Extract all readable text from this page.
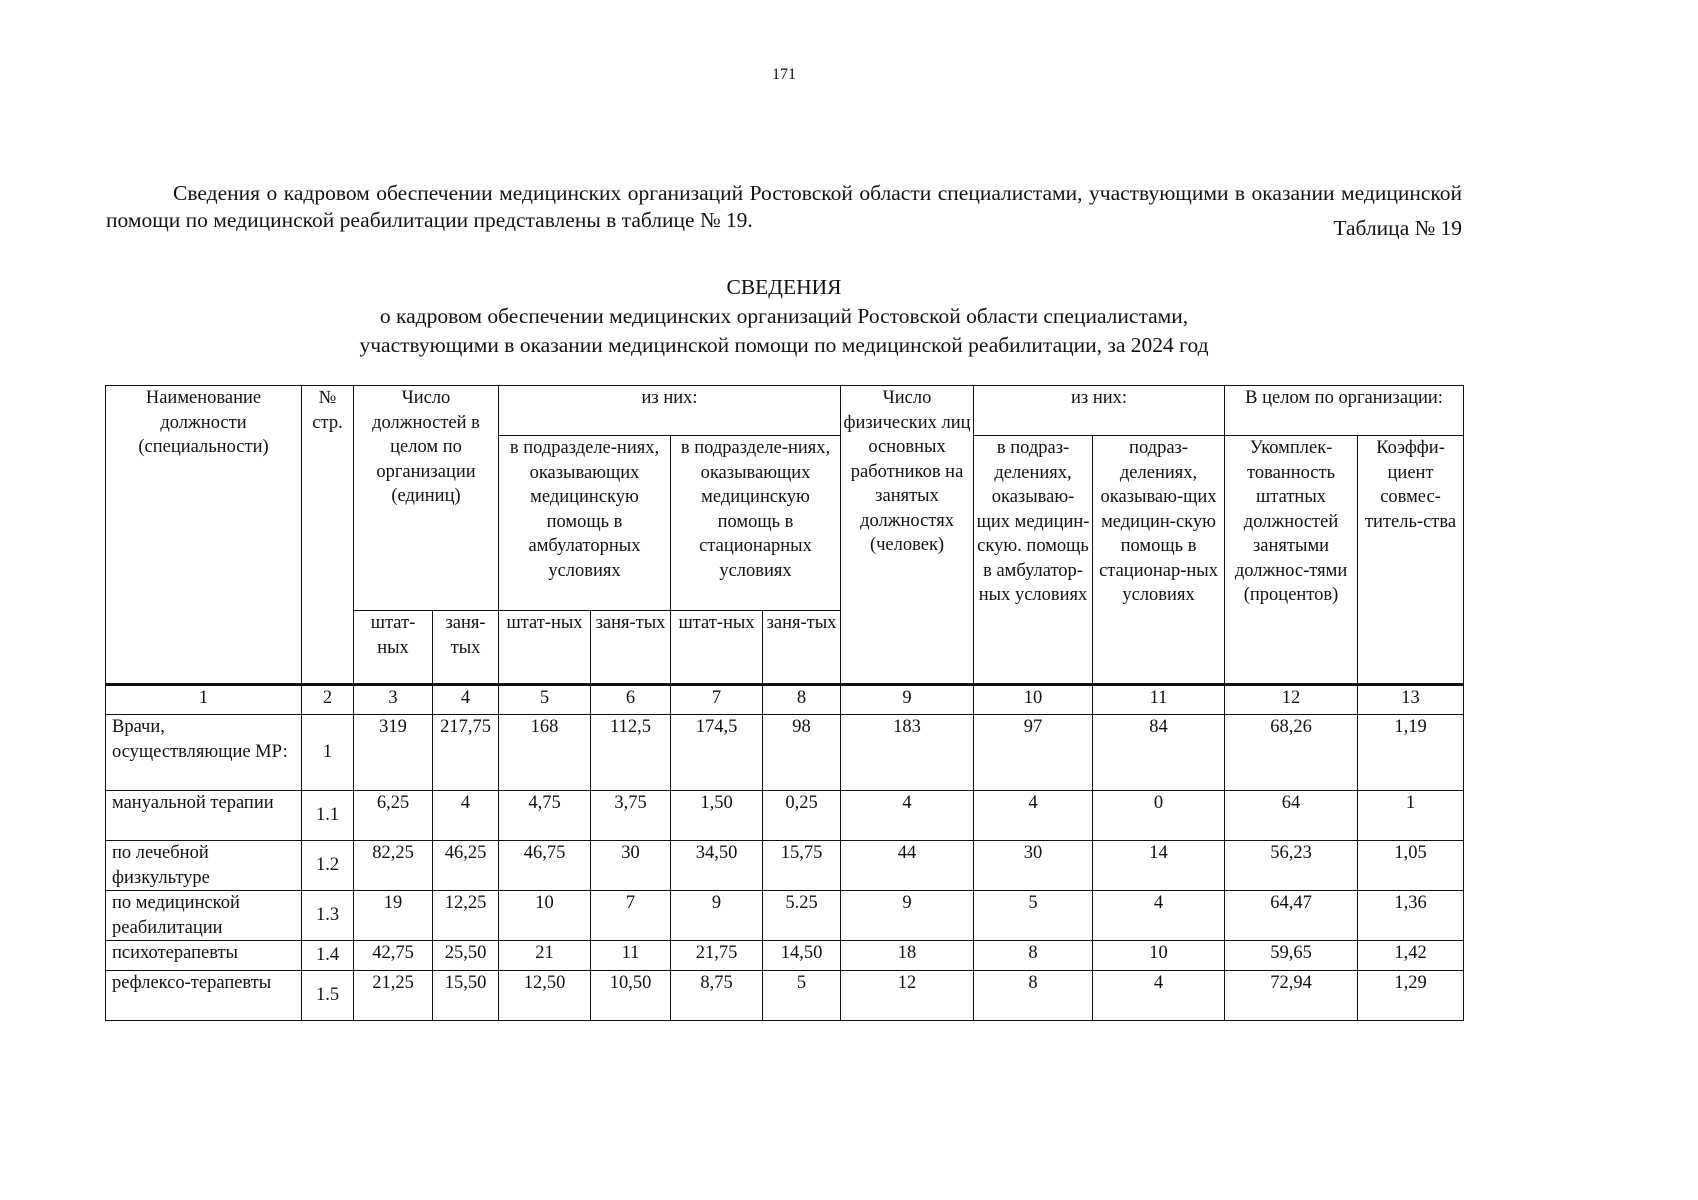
171

Сведения о кадровом обеспечении медицинских организаций Ростовской области специалистами, участвующими в оказании медицинской помощи по медицинской реабилитации представлены в таблице № 19.	Таблица № 19
СВЕДЕНИЯ
о кадровом обеспечении медицинских организаций Ростовской области специалистами,
участвующими в оказании медицинской помощи по медицинской реабилитации, за 2024 год
Наименование должности (специальности)	№ стр.	Число должностей в целом по организации (единиц)		из них:				Число физических лиц основных работников на занятых должностях (человек)	из них:		В целом по организации:	
				в подразделе-ниях, оказывающих медицинскую помощь в амбулаторных условиях		в подразделе-ниях, оказывающих медицинскую помощь в стационарных условиях			в подраз-делениях, оказываю-щих медицин-скую. помощь в амбулатор-ных условиях	подраз-делениях, оказываю-щих медицин-скую помощь в стационар-ных условиях	Укомплек-тованность штатных должностей занятыми должнос-тями (процентов)	Коэффи-циент совмес-титель-ства
		штат-ных	заня-тых	штат-ных	заня-тых	штат-ных	заня-тых					
1	2	3	4	5	6	7	8	9	10	11	12	13
Врачи, осуществляющие МР:	1	319	217,75	168	112,5	174,5	98	183	97	84	68,26	1,19
мануальной терапии	1.1	6,25	4	4,75	3,75	1,50	0,25	4	4	0	64	1
по лечебной физкультуре	1.2	82,25	46,25	46,75	30	34,50	15,75	44	30	14	56,23	1,05
по медицинской реабилитации	1.3	19	12,25	10	7	9	5.25	9	5	4	64,47	1,36
психотерапевты	1.4	42,75	25,50	21	11	21,75	14,50	18	8	10	59,65	1,42
рефлексо-терапевты	1.5	21,25	15,50	12,50	10,50	8,75	5	12	8	4	72,94	1,29
